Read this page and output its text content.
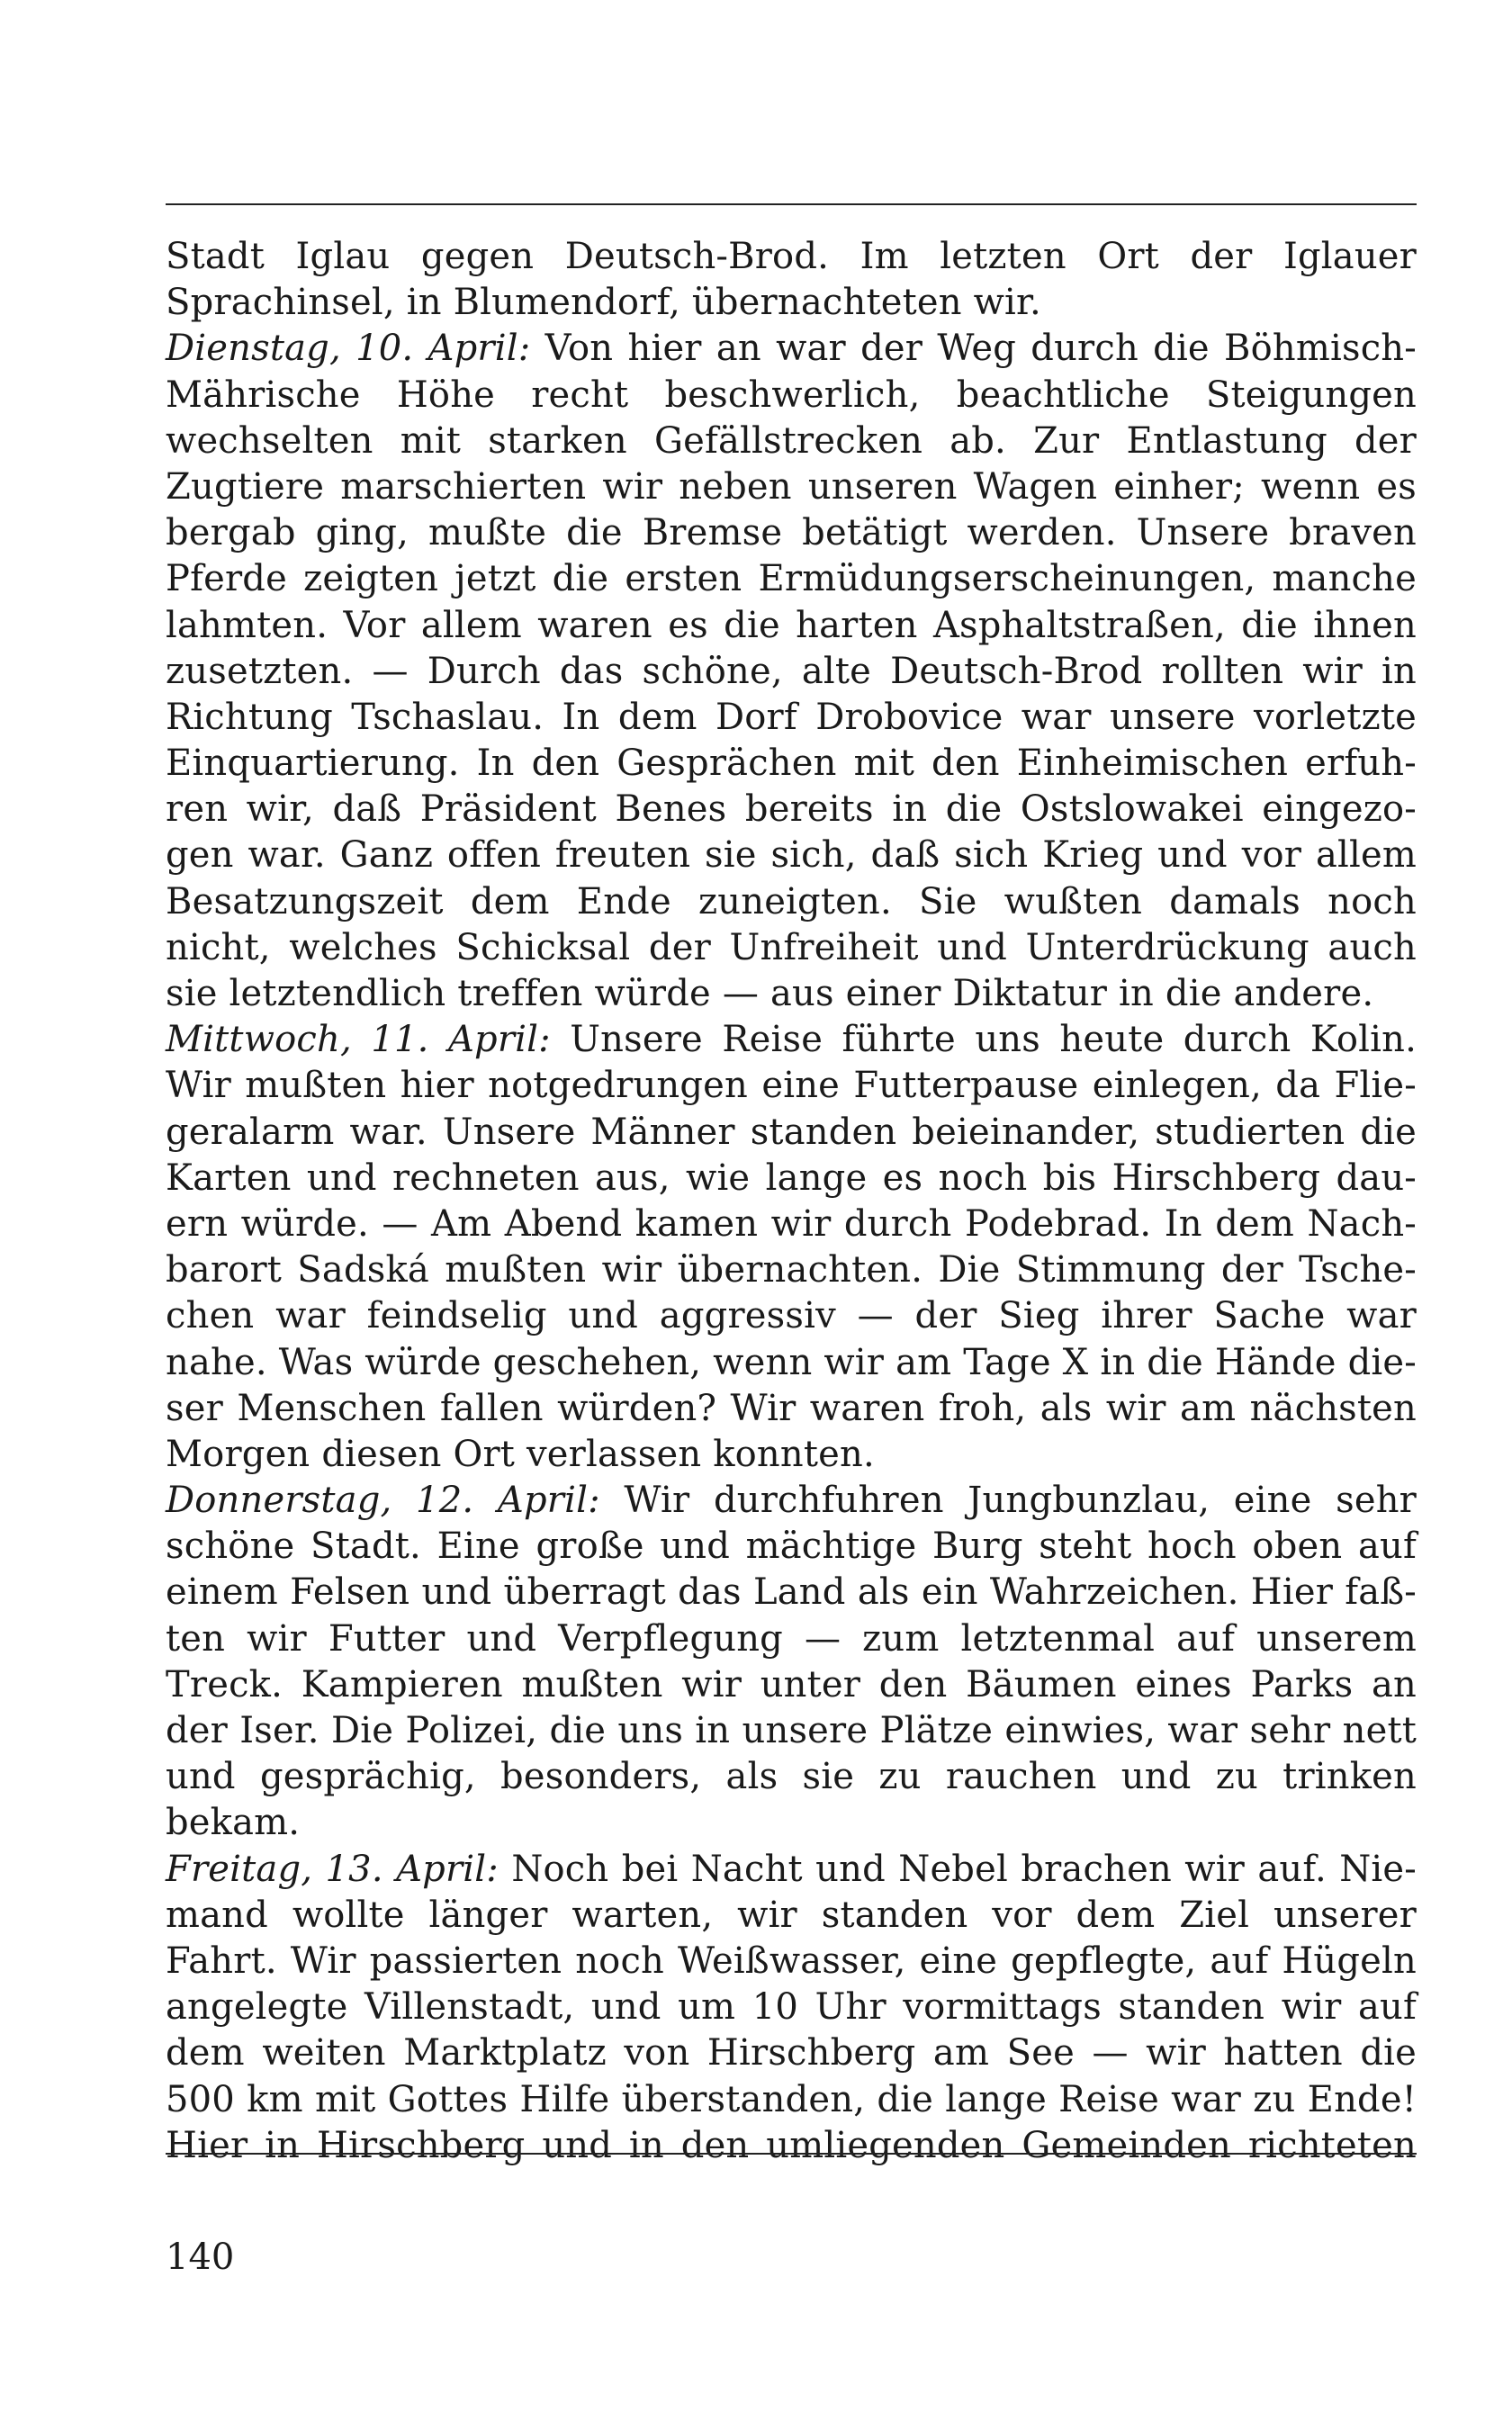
Stadt Iglau gegen Deutsch-Brod. Im letzten Ort der Iglauer
Sprachinsel, in Blumendorf, übernachteten wir.
Dienstag, 10. April: Von hier an war der Weg durch die Böhmisch-
Mährische Höhe recht beschwerlich, beachtliche Steigungen
wechselten mit starken Gefällstrecken ab. Zur Entlastung der
Zugtiere marschierten wir neben unseren Wagen einher; wenn es
bergab ging, mußte die Bremse betätigt werden. Unsere braven
Pferde zeigten jetzt die ersten Ermüdungserscheinungen, manche
lahmten. Vor allem waren es die harten Asphaltstraßen, die ihnen
zusetzten. — Durch das schöne, alte Deutsch-Brod rollten wir in
Richtung Tschaslau. In dem Dorf Drobovice war unsere vorletzte
Einquartierung. In den Gesprächen mit den Einheimischen erfuh-
ren wir, daß Präsident Benes bereits in die Ostslowakei eingezo-
gen war. Ganz offen freuten sie sich, daß sich Krieg und vor allem
Besatzungszeit dem Ende zuneigten. Sie wußten damals noch
nicht, welches Schicksal der Unfreiheit und Unterdrückung auch
sie letztendlich treffen würde — aus einer Diktatur in die andere.
Mittwoch, 11. April: Unsere Reise führte uns heute durch Kolin.
Wir mußten hier notgedrungen eine Futterpause einlegen, da Flie-
geralarm war. Unsere Männer standen beieinander, studierten die
Karten und rechneten aus, wie lange es noch bis Hirschberg dau-
ern würde. — Am Abend kamen wir durch Podebrad. In dem Nach-
barort Sadská mußten wir übernachten. Die Stimmung der Tsche-
chen war feindselig und aggressiv — der Sieg ihrer Sache war
nahe. Was würde geschehen, wenn wir am Tage X in die Hände die-
ser Menschen fallen würden? Wir waren froh, als wir am nächsten
Morgen diesen Ort verlassen konnten.
Donnerstag, 12. April: Wir durchfuhren Jungbunzlau, eine sehr
schöne Stadt. Eine große und mächtige Burg steht hoch oben auf
einem Felsen und überragt das Land als ein Wahrzeichen. Hier faß-
ten wir Futter und Verpflegung — zum letztenmal auf unserem
Treck. Kampieren mußten wir unter den Bäumen eines Parks an
der Iser. Die Polizei, die uns in unsere Plätze einwies, war sehr nett
und gesprächig, besonders, als sie zu rauchen und zu trinken
bekam.
Freitag, 13. April: Noch bei Nacht und Nebel brachen wir auf. Nie-
mand wollte länger warten, wir standen vor dem Ziel unserer
Fahrt. Wir passierten noch Weißwasser, eine gepflegte, auf Hügeln
angelegte Villenstadt, und um 10 Uhr vormittags standen wir auf
dem weiten Marktplatz von Hirschberg am See — wir hatten die
500 km mit Gottes Hilfe überstanden, die lange Reise war zu Ende!
Hier in Hirschberg und in den umliegenden Gemeinden richteten
140
